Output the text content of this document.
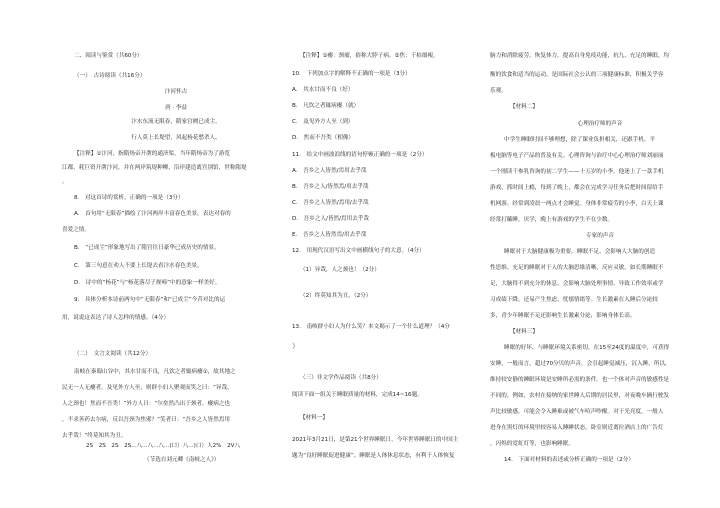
二、阅读与鉴赏（共60分）
（一）　古诗阅读（共16分）
汴河怀古
唐 · 李益
汴水东流无限春，隋家宫阙已成尘。
行人莫上长堤望，风起杨花愁杀人。
【注释】①汴河，指隋炀帝开凿的通济渠。当年隋炀帝为了游览
江都，耗巨资开凿汴河，并在两岸筑堤种柳，沿岸建造离宫别馆，世称隋堤
。
8.　对这首诗的赏析，正确的一项是（3分）
A.　首句用“无限春”描绘了汴河两岸丰富春色美景，表达对春的
喜爱之情。
B.　“已成尘”形象地写出了隋宫往日豪华已成历史的情景。
C.　第三句意在劝人不要上长堤去看汴水春色美景。
D.　诗中的“杨花”与“杨花落尽子规啼”中的意象一样美好。
9.　具体分析本诗前两句中“无限春”和“已成尘”今昔对比的运
用，说说这表达了诗人怎样的情感。（4分）
（二）　文言文阅读（共12分）
南岐在秦蜀山谷中，其水甘而不良，凡饮之者辄病瘿①，故其地之
民无一人无瘿者。及见外方人至，则群小妇人聚观而笑之曰：“异哉，
人之颈也！焦而不吾类！”外方人曰：“尔垒然凸出于颈者，瘿病之也
，不求善药去尔病，反以吾颈为焦邪？”笑者曰：“吾乡之人皆然焉用
去乎哉！”终莫知其为丑。
2S　2S　2S　2S...八...八...八...(口）八...)口）人2%　2V八
（节选自刘元卿《南岐之人》）
【注释】①瘿：颈瘤，俗称大脖子病。②焦：干枯细瘦。
10.　下列加点字的解释不正确的一项是（3分）
A.　其水甘而不良（好）
B.　凡饮之者辄病瘿（就）
C.　及见外方人至（到）
D.　焦而不吾类（相像）
11.　给文中画波浪线的语句停顿正确的一项是（2分）
A.　吾乡之人皆然/焉用去乎哉
B.　吾乡之人/皆然焉/用去乎哉
C.　吾乡之人皆然/焉用/去乎哉
D.　吾乡之人/皆然/焉用去乎哉
E.　吾乡之人皆然焉/用去乎哉
12.　用现代汉语写出文中画横线句子的大意。（4分）
（1）异哉，人之颈也！（2分）
（2）终莫知其为丑。（2分）
13.　南岐群小妇人为什么笑？本文揭示了一个什么道理？（4分
）
（三）非文学作品阅读（共8分）
阅读下面一组关于睡眠质量的材料，完成14~16题。
【材料一】
2021年3月21日，是第21个世界睡眠日，今年世界睡眠日的中国主
题为“良好睡眠促进健康”。睡眠是人体休息状态，有利于人体恢复
脑力和消除疲劳，恢复体力，提高自身免疫功能，抗九，充足的睡眠，均
衡的饮食和适当的运动，是国际社会公认的三项健康标准，积极关乎容
乐观。
【材料二】
心理治疗师的声音
中学生睡眠时间不够理想，除了课业负担相关，还跟手机、平
板电脑等电子产品的普及有关。心理咨询与治疗中心心理治疗师刘丽丽
一个刚读干参乳咨询的初二学生——十五岁的小李，他迷上了一款手机
游戏，抓时间上瘾，每到了晚上，都会在完成学习任务后把时间留给手
机网游。经常到凌晨一两点才会睡觉。身体非常疲劳的小李，白天上课
经常打瞌睡，厌学，晚上有游戏的学生不在少数。
专家的声音
睡眠对于大脑健康极为重要。睡眠不足，会影响人大脑的创造
性思维。充足的睡眠对于人的大脑思维清晰，反应灵敏。如长期睡眠不
足，大脑得不到充分的休息，会影响大脑处理事情、导致工作效率或学
习成绩下降，还易产生焦虑，忧郁情绪等。生长激素在入睡后分泌较
多，青少年睡眠不足还影响生长激素分泌，影响身体长高。
【材料三】
睡眠的好坏，与睡眠环境关系密切。在15至24度的温度中，可获得
安睡，一般而言，超过70分贝的声音，会引起睡觉减压，沉入睡、所以，
维持较安静的睡眠环境是安睡所必需的条件。也一个体对声音的敏感性是
不同的。例如，农村在接纳的家世睡人后期的居民里，对夜晚车辆行驶发
声比较敏感，可能会令入睡难或被气车喧声吵醒。对于光亮度，一般人
进身在黑灯的环境里较容易入睡睡状态。卧室则近离拉酒店上的广告灯
，闪烁的霓虹灯等，也影响睡眠。
14.　下面对材料的表述或分析正确的一项是（2分）
